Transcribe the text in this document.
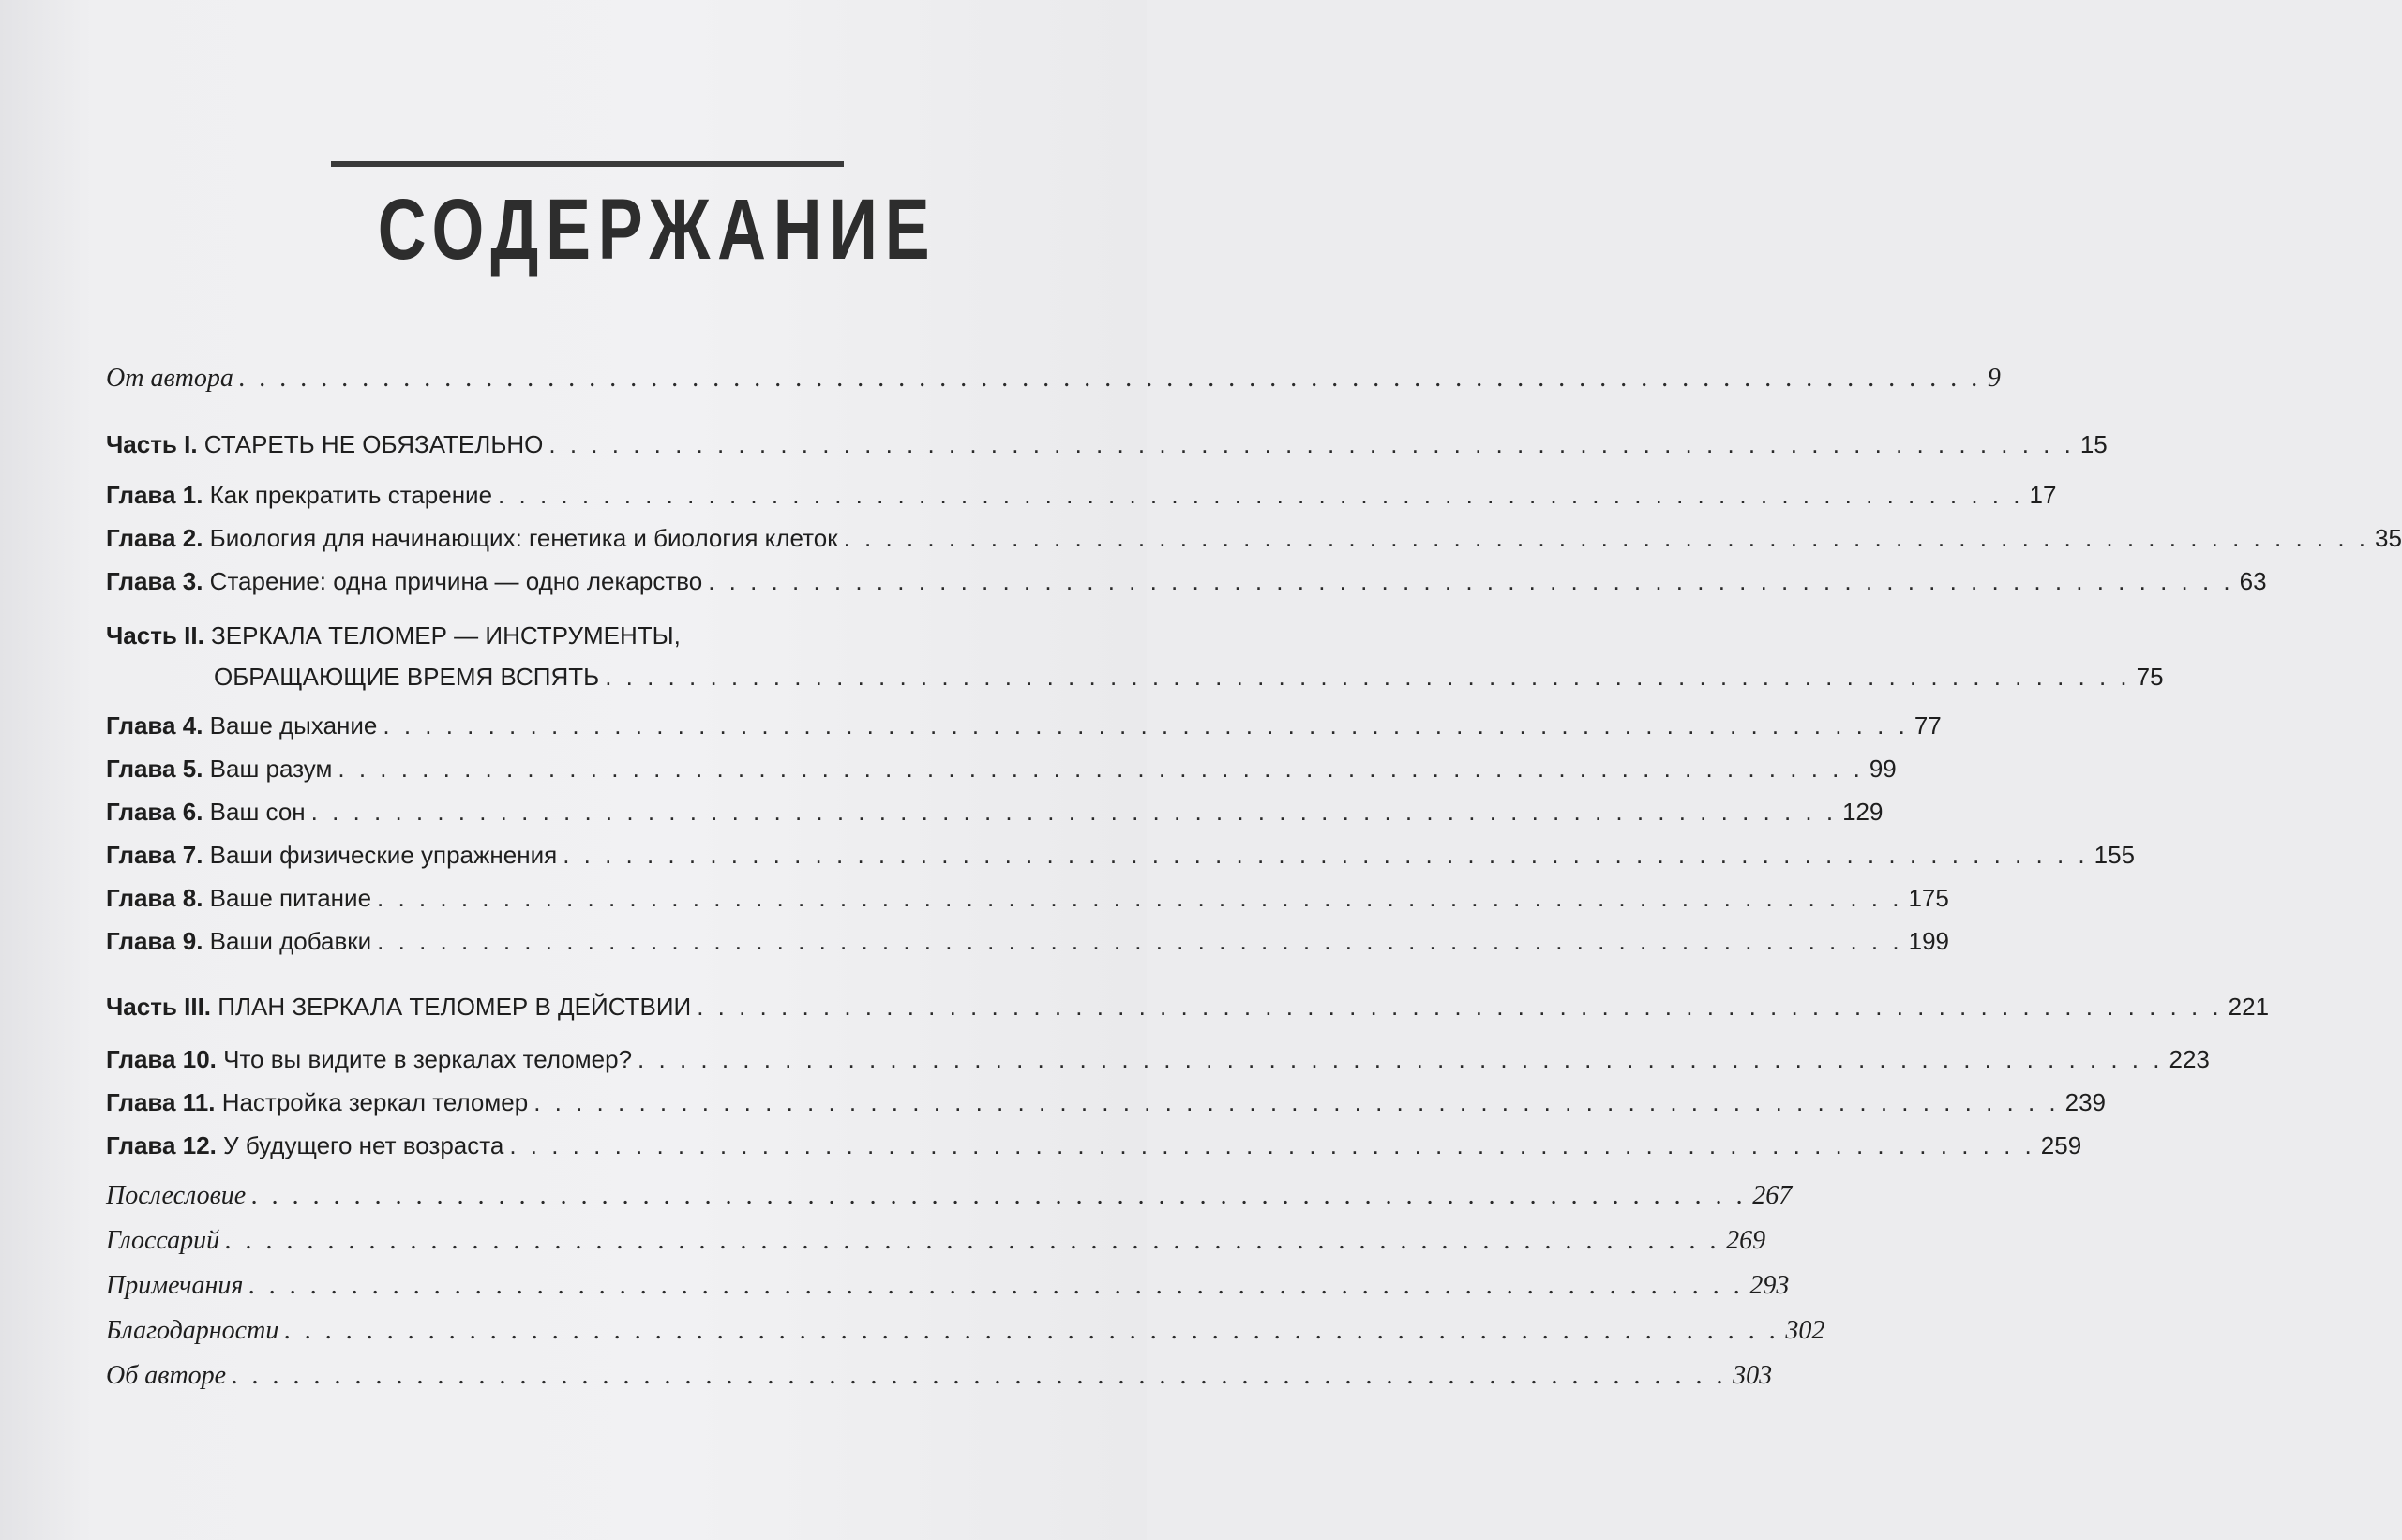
СОДЕРЖАНИЕ
От автора . . . . . . . . . . . . . . . . . . . . . . . . . . . . . . . . . . . . . . . . . . . . . . . . . . . . . . . . . . . . . . . . . . . . . . . . . . . . . . . . . . . . . 9
Часть I. СТАРЕТЬ НЕ ОБЯЗАТЕЛЬНО . . . . . . . . . . . . . . . . . . . . . . . . . . . . . . . . . . . . . . . . . . . . . . . . . . . . . . . . . . . . . . . . . . . . . . . . . 15
Глава 1. Как прекратить старение . . . . . . . . . . . . . . . . . . . . . . . . . . . . . . . . . . . . . . . . . . . . . . . . . . . . . . . . . . . . . . . . . . . . . . . . . 17
Глава 2. Биология для начинающих: генетика и биология клеток . . . . . . . . . . . . . . . . . . . . . . . . . . . . . . . . . . . . . . . . . . . . . . . . . . . . . . . . . . . . . . . . . . . . . . . . . 35
Глава 3. Старение: одна причина — одно лекарство . . . . . . . . . . . . . . . . . . . . . . . . . . . . . . . . . . . . . . . . . . . . . . . . . . . . . . . . . . . . . . . . . . . . . . . . . 63
Часть II. ЗЕРКАЛА ТЕЛОМЕР — ИНСТРУМЕНТЫ,
ОБРАЩАЮЩИЕ ВРЕМЯ ВСПЯТЬ . . . . . . . . . . . . . . . . . . . . . . . . . . . . . . . . . . . . . . . . . . . . . . . . . . . . . . . . . . . . . . . . . . . . . . . . . 75
Глава 4. Ваше дыхание . . . . . . . . . . . . . . . . . . . . . . . . . . . . . . . . . . . . . . . . . . . . . . . . . . . . . . . . . . . . . . . . . . . . . . . . . 77
Глава 5. Ваш разум . . . . . . . . . . . . . . . . . . . . . . . . . . . . . . . . . . . . . . . . . . . . . . . . . . . . . . . . . . . . . . . . . . . . . . . . . 99
Глава 6. Ваш сон . . . . . . . . . . . . . . . . . . . . . . . . . . . . . . . . . . . . . . . . . . . . . . . . . . . . . . . . . . . . . . . . . . . . . . . . . 129
Глава 7. Ваши физические упражнения . . . . . . . . . . . . . . . . . . . . . . . . . . . . . . . . . . . . . . . . . . . . . . . . . . . . . . . . . . . . . . . . . . . . . . . . . 155
Глава 8. Ваше питание . . . . . . . . . . . . . . . . . . . . . . . . . . . . . . . . . . . . . . . . . . . . . . . . . . . . . . . . . . . . . . . . . . . . . . . . . 175
Глава 9. Ваши добавки . . . . . . . . . . . . . . . . . . . . . . . . . . . . . . . . . . . . . . . . . . . . . . . . . . . . . . . . . . . . . . . . . . . . . . . . . 199
Часть III. ПЛАН ЗЕРКАЛА ТЕЛОМЕР В ДЕЙСТВИИ . . . . . . . . . . . . . . . . . . . . . . . . . . . . . . . . . . . . . . . . . . . . . . . . . . . . . . . . . . . . . . . . . . . . . . . . . 221
Глава 10. Что вы видите в зеркалах теломер? . . . . . . . . . . . . . . . . . . . . . . . . . . . . . . . . . . . . . . . . . . . . . . . . . . . . . . . . . . . . . . . . . . . . . . . . . 223
Глава 11. Настройка зеркал теломер . . . . . . . . . . . . . . . . . . . . . . . . . . . . . . . . . . . . . . . . . . . . . . . . . . . . . . . . . . . . . . . . . . . . . . . . . 239
Глава 12. У будущего нет возраста . . . . . . . . . . . . . . . . . . . . . . . . . . . . . . . . . . . . . . . . . . . . . . . . . . . . . . . . . . . . . . . . . . . . . . . . . 259
Послесловие . . . . . . . . . . . . . . . . . . . . . . . . . . . . . . . . . . . . . . . . . . . . . . . . . . . . . . . . . . . . . . . . . . . . . . . . . 267
Глоссарий . . . . . . . . . . . . . . . . . . . . . . . . . . . . . . . . . . . . . . . . . . . . . . . . . . . . . . . . . . . . . . . . . . . . . . . . . 269
Примечания . . . . . . . . . . . . . . . . . . . . . . . . . . . . . . . . . . . . . . . . . . . . . . . . . . . . . . . . . . . . . . . . . . . . . . . . . 293
Благодарности . . . . . . . . . . . . . . . . . . . . . . . . . . . . . . . . . . . . . . . . . . . . . . . . . . . . . . . . . . . . . . . . . . . . . . . . . 302
Об авторе . . . . . . . . . . . . . . . . . . . . . . . . . . . . . . . . . . . . . . . . . . . . . . . . . . . . . . . . . . . . . . . . . . . . . . . . . 303
